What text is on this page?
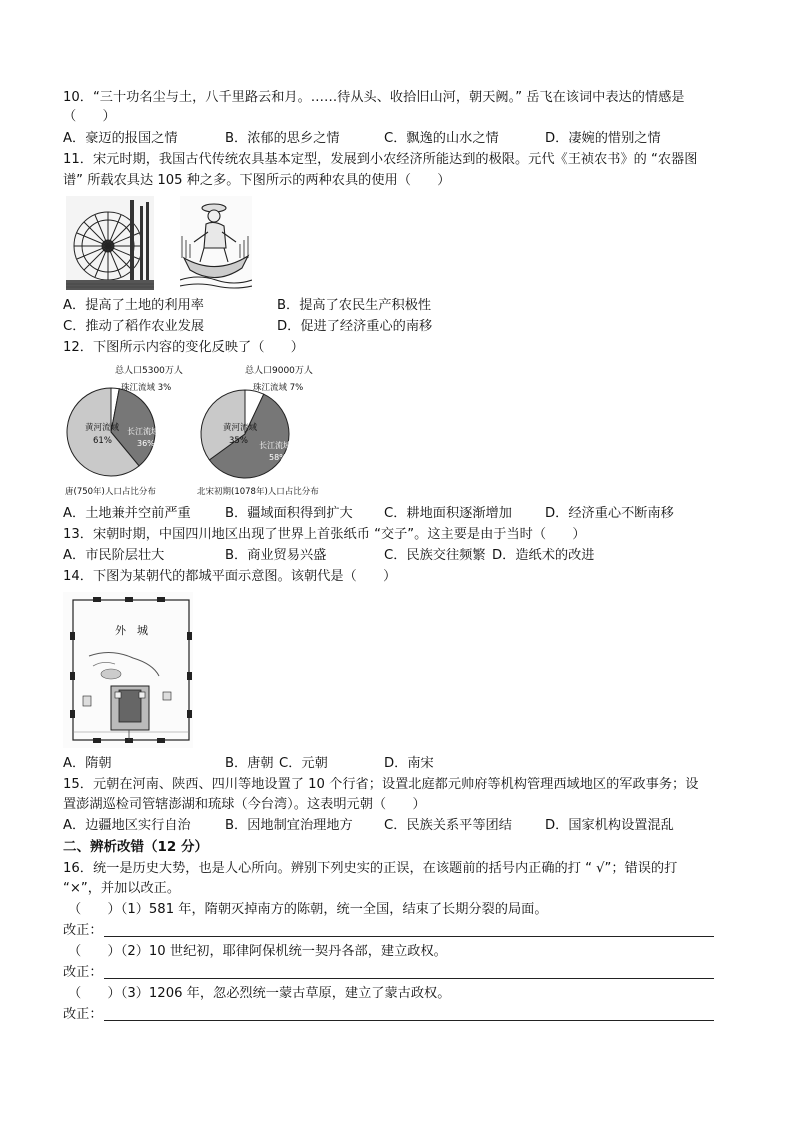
10．“三十功名尘与土，八千里路云和月。……待从头、收拾旧山河，朝天阙。” 岳飞在该词中表达的情感是
（　　）
A．豪迈的报国之情	B．浓郁的思乡之情	C．飘逸的山水之情	D．凄婉的惜别之情
11．宋元时期，我国古代传统农具基本定型，发展到小农经济所能达到的极限。元代《王祯农书》的 “农器图
谱” 所载农具达 105 种之多。下图所示的两种农具的使用（　　）
A．提高了土地的利用率	B．提高了农民生产积极性
C．推动了稻作农业发展	D．促进了经济重心的南移
12．下图所示内容的变化反映了（　　）
总人口5300万人	总人口9000万人
珠江流域 3%
黄河流域
61%
长江流域
36%
珠江流域 7%
黄河流域
35% 长江流域
58%
唐(750年)人口占比分布	北宋初期(1078年)人口占比分布
A．土地兼并空前严重	B．疆域面积得到扩大 C．耕地面积逐渐增加	D．经济重心不断南移
13．宋朝时期，中国四川地区出现了世界上首张纸币 “交子”。这主要是由于当时（　　）
A．市民阶层壮大	B．商业贸易兴盛	C．民族交往频繁 D．造纸术的改进
14．下图为某朝代的都城平面示意图。该朝代是（　　）
外　城
A．隋朝	B．唐朝 C．元朝	D．南宋
15．元朝在河南、陕西、四川等地设置了 10 个行省；设置北庭都元帅府等机构管理西域地区的军政事务；设
置澎湖巡检司管辖澎湖和琉球（今台湾）。这表明元朝（　　）
A．边疆地区实行自治	B．因地制宜治理地方 C．民族关系平等团结	D．国家机构设置混乱
二、辨析改错（12 分）
16．统一是历史大势，也是人心所向。辨别下列史实的正误，在该题前的括号内正确的打 “ √”；错误的打
“×”，并加以改正。
（　　）（1）581 年，隋朝灭掉南方的陈朝，统一全国，结束了长期分裂的局面。
改正：
（　　）（2）10 世纪初，耶律阿保机统一契丹各部，建立政权。
改正：
（　　）（3）1206 年，忽必烈统一蒙古草原，建立了蒙古政权。
改正：
